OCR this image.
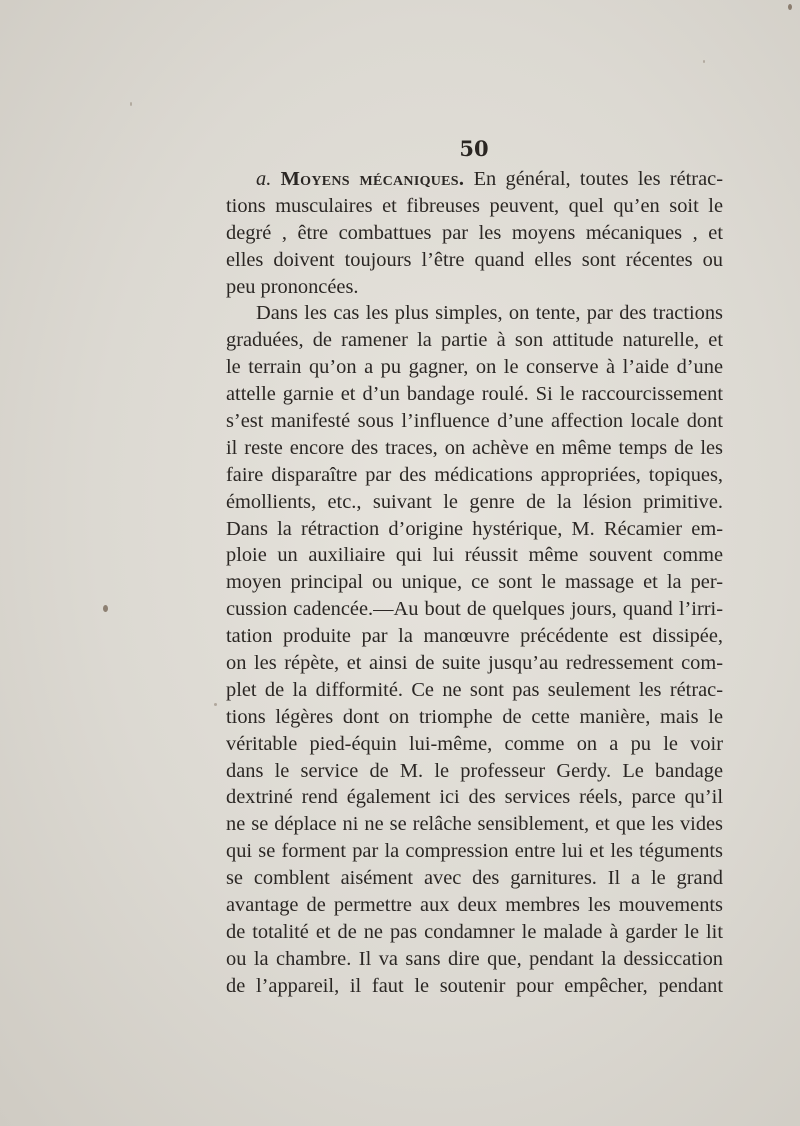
50
a. Moyens mécaniques. En général, toutes les rétrac-
tions musculaires et fibreuses peuvent, quel qu’en soit le
degré , être combattues par les moyens mécaniques , et
elles doivent toujours l’être quand elles sont récentes ou
peu prononcées.
Dans les cas les plus simples, on tente, par des tractions
graduées, de ramener la partie à son attitude naturelle, et
le terrain qu’on a pu gagner, on le conserve à l’aide d’une
attelle garnie et d’un bandage roulé. Si le raccourcissement
s’est manifesté sous l’influence d’une affection locale dont
il reste encore des traces, on achève en même temps de les
faire disparaître par des médications appropriées, topiques,
émollients, etc., suivant le genre de la lésion primitive.
Dans la rétraction d’origine hystérique, M. Récamier em-
ploie un auxiliaire qui lui réussit même souvent comme
moyen principal ou unique, ce sont le massage et la per-
cussion cadencée.—Au bout de quelques jours, quand l’irri-
tation produite par la manœuvre précédente est dissipée,
on les répète, et ainsi de suite jusqu’au redressement com-
plet de la difformité. Ce ne sont pas seulement les rétrac-
tions légères dont on triomphe de cette manière, mais le
véritable pied-équin lui-même, comme on a pu le voir
dans le service de M. le professeur Gerdy. Le bandage
dextriné rend également ici des services réels, parce qu’il
ne se déplace ni ne se relâche sensiblement, et que les vides
qui se forment par la compression entre lui et les téguments
se comblent aisément avec des garnitures. Il a le grand
avantage de permettre aux deux membres les mouvements
de totalité et de ne pas condamner le malade à garder le lit
ou la chambre. Il va sans dire que, pendant la dessiccation
de l’appareil, il faut le soutenir pour empêcher, pendant
